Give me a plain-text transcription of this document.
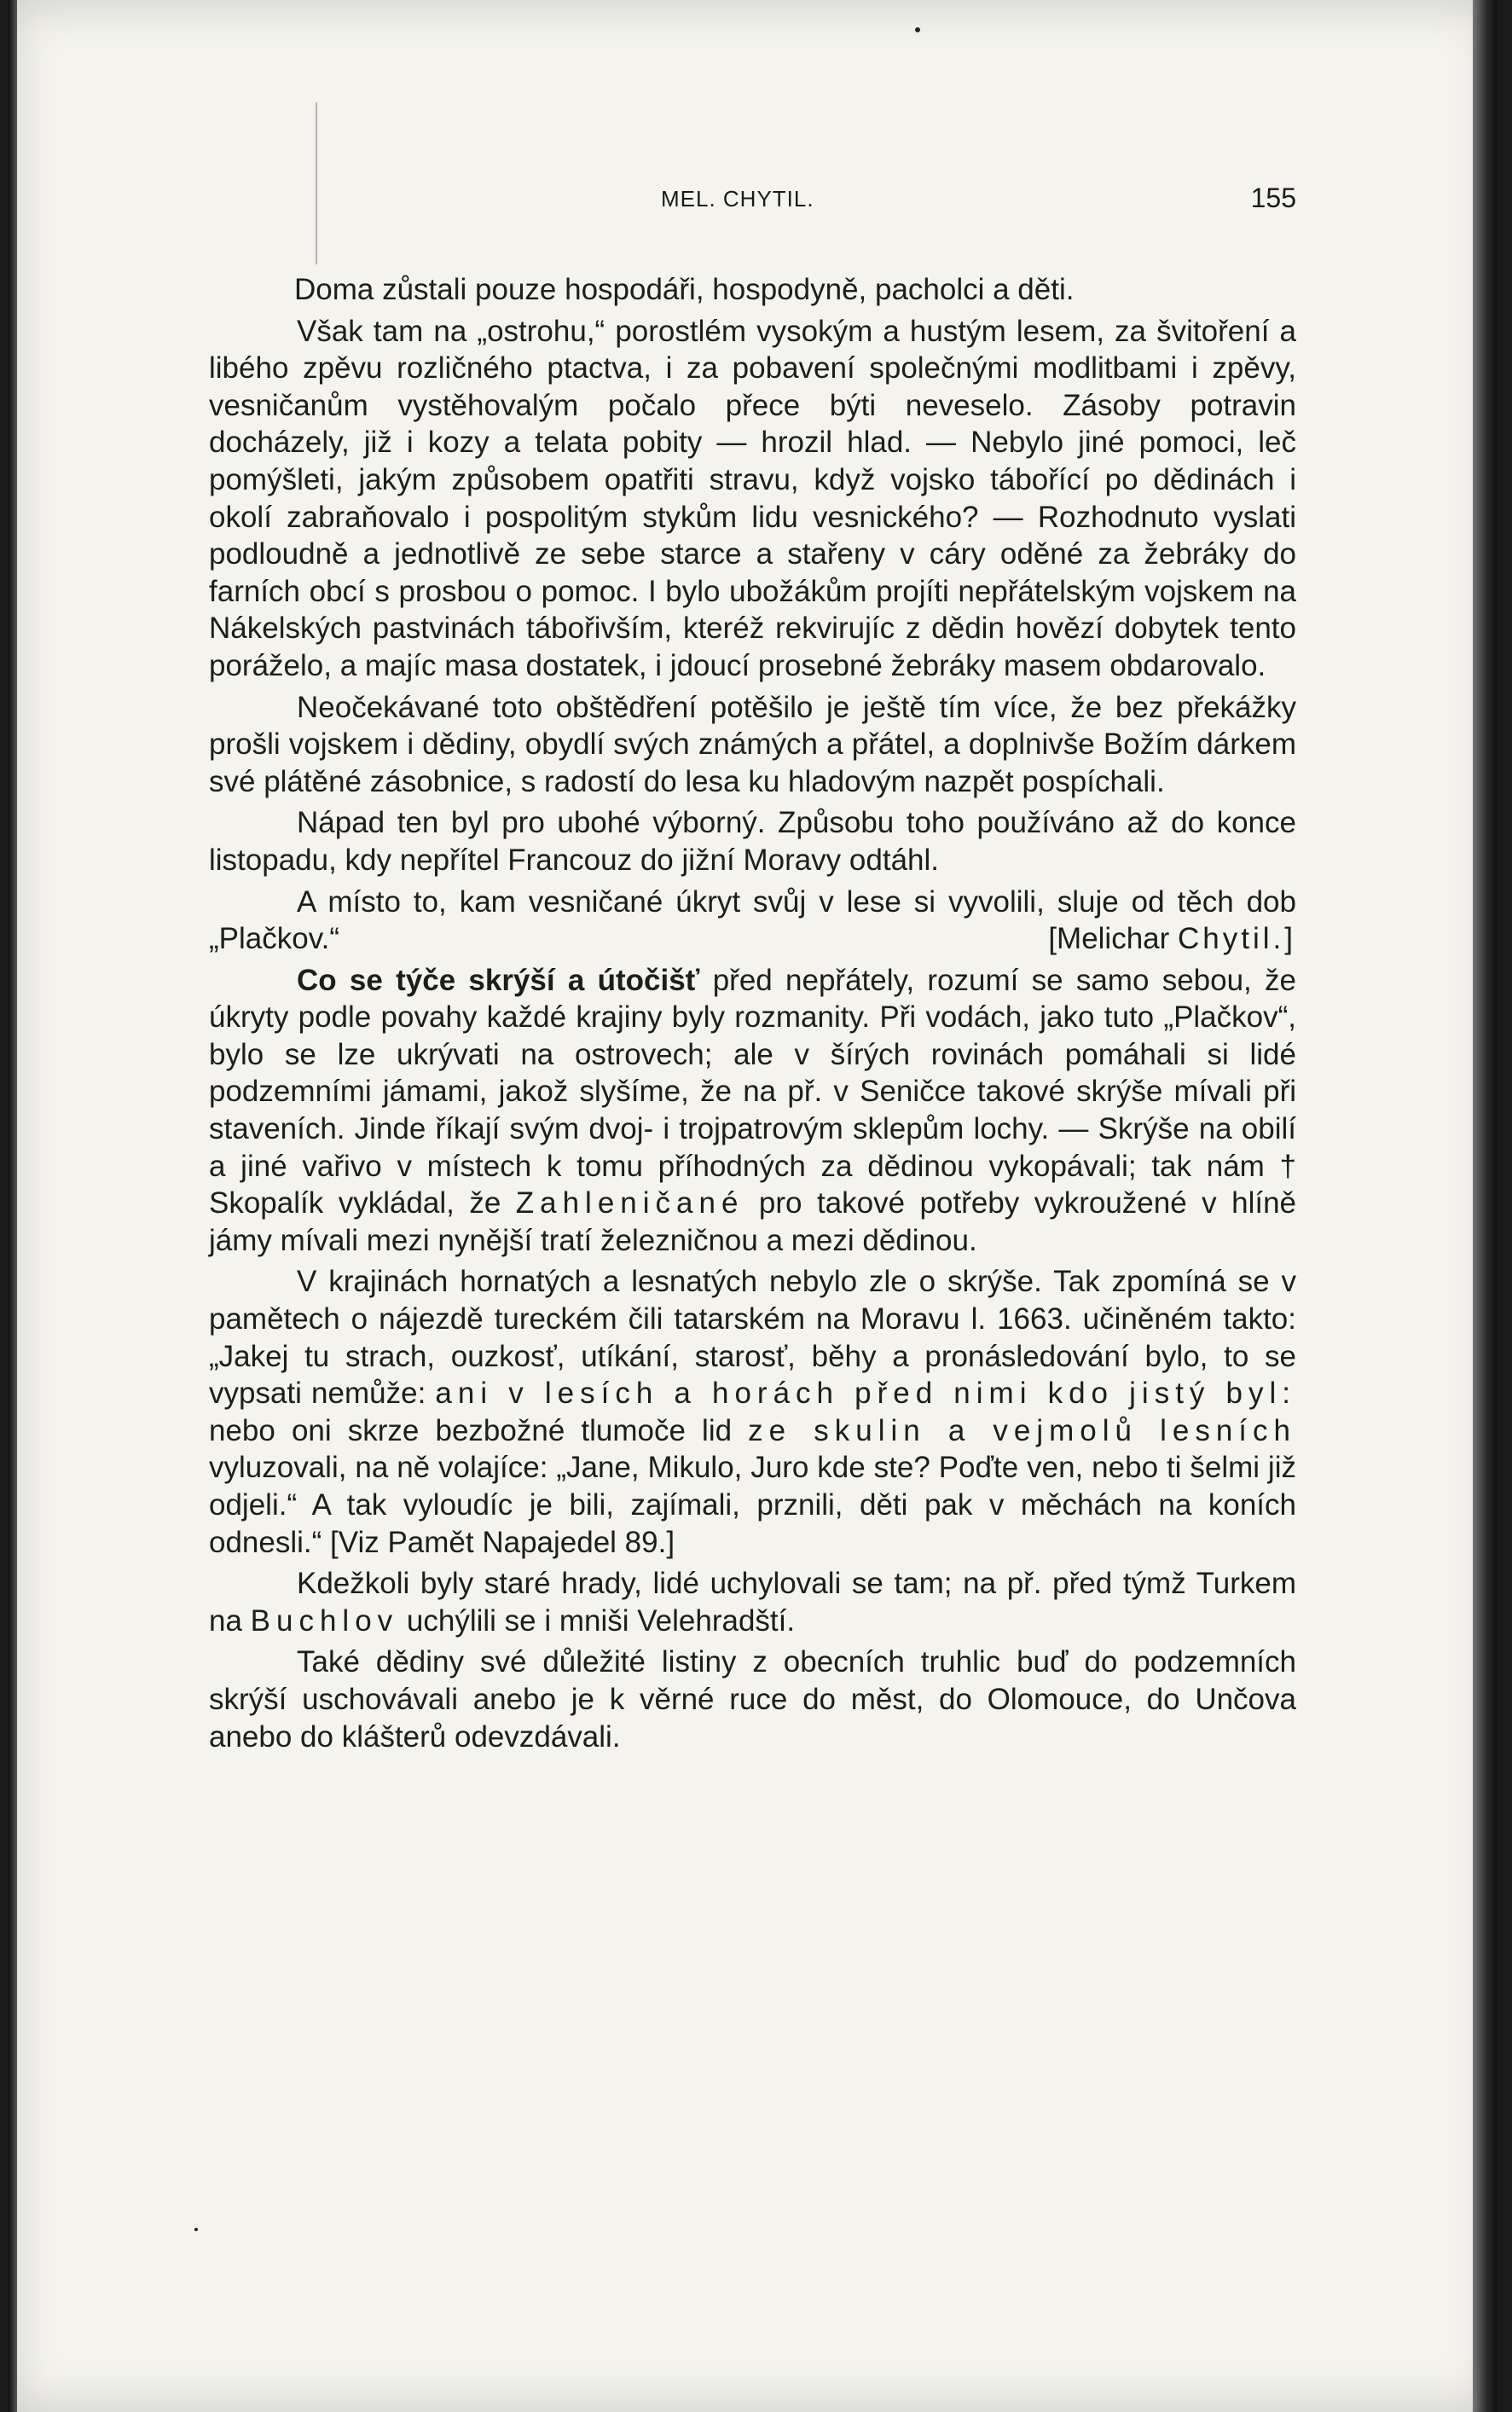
MEL. CHYTIL.	155

Doma zůstali pouze hospodáři, hospodyně, pacholci a děti.

Však tam na „ostrohu,“ porostlém vysokým a hustým lesem, za švitoření a libého zpěvu rozličného ptactva, i za pobavení společnými modlitbami i zpěvy, vesničanům vystěhovalým počalo přece býti neveselo. Zásoby potravin docházely, již i kozy a telata pobity — hrozil hlad. — Nebylo jiné pomoci, leč pomýšleti, jakým způsobem opatřiti stravu, když vojsko tábořící po dědinách i okolí zabraňovalo i pospolitým stykům lidu vesnického? — Rozhodnuto vyslati podloudně a jednotlivě ze sebe starce a stařeny v cáry oděné za žebráky do farních obcí s prosbou o pomoc. I bylo ubožákům projíti nepřátelským vojskem na Nákelských pastvinách tábořivším, kteréž rekvirujíc z dědin hovězí dobytek tento poráželo, a majíc masa dostatek, i jdoucí prosebné žebráky masem obdarovalo.

Neočekávané toto obštědření potěšilo je ještě tím více, že bez překážky prošli vojskem i dědiny, obydlí svých známých a přátel, a doplnivše Božím dárkem své plátěné zásobnice, s radostí do lesa ku hladovým nazpět pospíchali.

Nápad ten byl pro ubohé výborný. Způsobu toho používáno až do konce listopadu, kdy nepřítel Francouz do jižní Moravy odtáhl.

A místo to, kam vesničané úkryt svůj v lese si vyvolili, sluje od těch dob „Plačkov.“	[Melichar Chytil.]

Co se týče skrýší a útočišť před nepřátely, rozumí se samo sebou, že úkryty podle povahy každé krajiny byly rozmanity. Při vodách, jako tuto „Plačkov“, bylo se lze ukrývati na ostrovech; ale v šírých rovinách pomáhali si lidé podzemními jámami, jakož slyšíme, že na př. v Seničce takové skrýše mívali při staveních. Jinde říkají svým dvoj- i trojpatrovým sklepům lochy. — Skrýše na obilí a jiné vařivo v místech k tomu příhodných za dědinou vykopávali; tak nám † Skopalík vykládal, že Zahleničané pro takové potřeby vykroužené v hlíně jámy mívali mezi nynější tratí železničnou a mezi dědinou.

V krajinách hornatých a lesnatých nebylo zle o skrýše. Tak zpomíná se v pamětech o nájezdě tureckém čili tatarském na Moravu l. 1663. učiněném takto: „Jakej tu strach, ouzkosť, utíkání, starosť, běhy a pronásledování bylo, to se vypsati nemůže: ani v lesích a horách před nimi kdo jistý byl: nebo oni skrze bezbožné tlumoče lid ze skulin a vejmolů lesních vyluzovali, na ně volajíce: „Jane, Mikulo, Juro kde ste? Poďte ven, nebo ti šelmi již odjeli.“ A tak vyloudíc je bili, zajímali, prznili, děti pak v měchách na koních odnesli.“ [Viz Pamět Napajedel 89.]

Kdežkoli byly staré hrady, lidé uchylovali se tam; na př. před týmž Turkem na Buchlov uchýlili se i mniši Velehradští.

Také dědiny své důležité listiny z obecních truhlic buď do podzemních skrýší uschovávali anebo je k věrné ruce do měst, do Olomouce, do Unčova anebo do klášterů odevzdávali.
